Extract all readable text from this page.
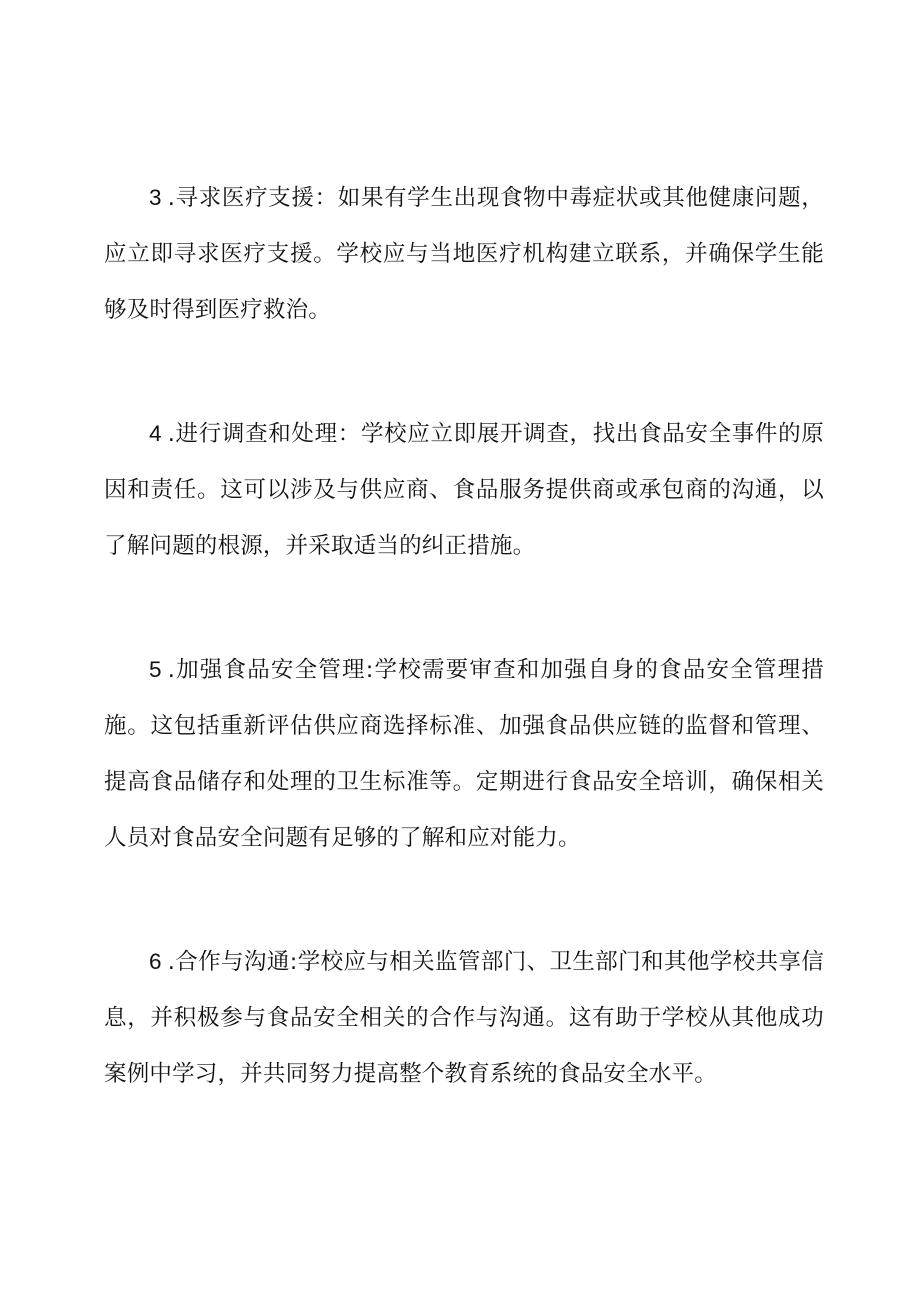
3 .寻求医疗支援：如果有学生出现食物中毒症状或其他健康问题，应立即寻求医疗支援。学校应与当地医疗机构建立联系，并确保学生能够及时得到医疗救治。

4 .进行调查和处理：学校应立即展开调查，找出食品安全事件的原因和责任。这可以涉及与供应商、食品服务提供商或承包商的沟通，以了解问题的根源，并采取适当的纠正措施。

5 .加强食品安全管理:学校需要审查和加强自身的食品安全管理措施。这包括重新评估供应商选择标准、加强食品供应链的监督和管理、提高食品储存和处理的卫生标准等。定期进行食品安全培训，确保相关人员对食品安全问题有足够的了解和应对能力。

6 .合作与沟通:学校应与相关监管部门、卫生部门和其他学校共享信息，并积极参与食品安全相关的合作与沟通。这有助于学校从其他成功案例中学习，并共同努力提高整个教育系统的食品安全水平。
